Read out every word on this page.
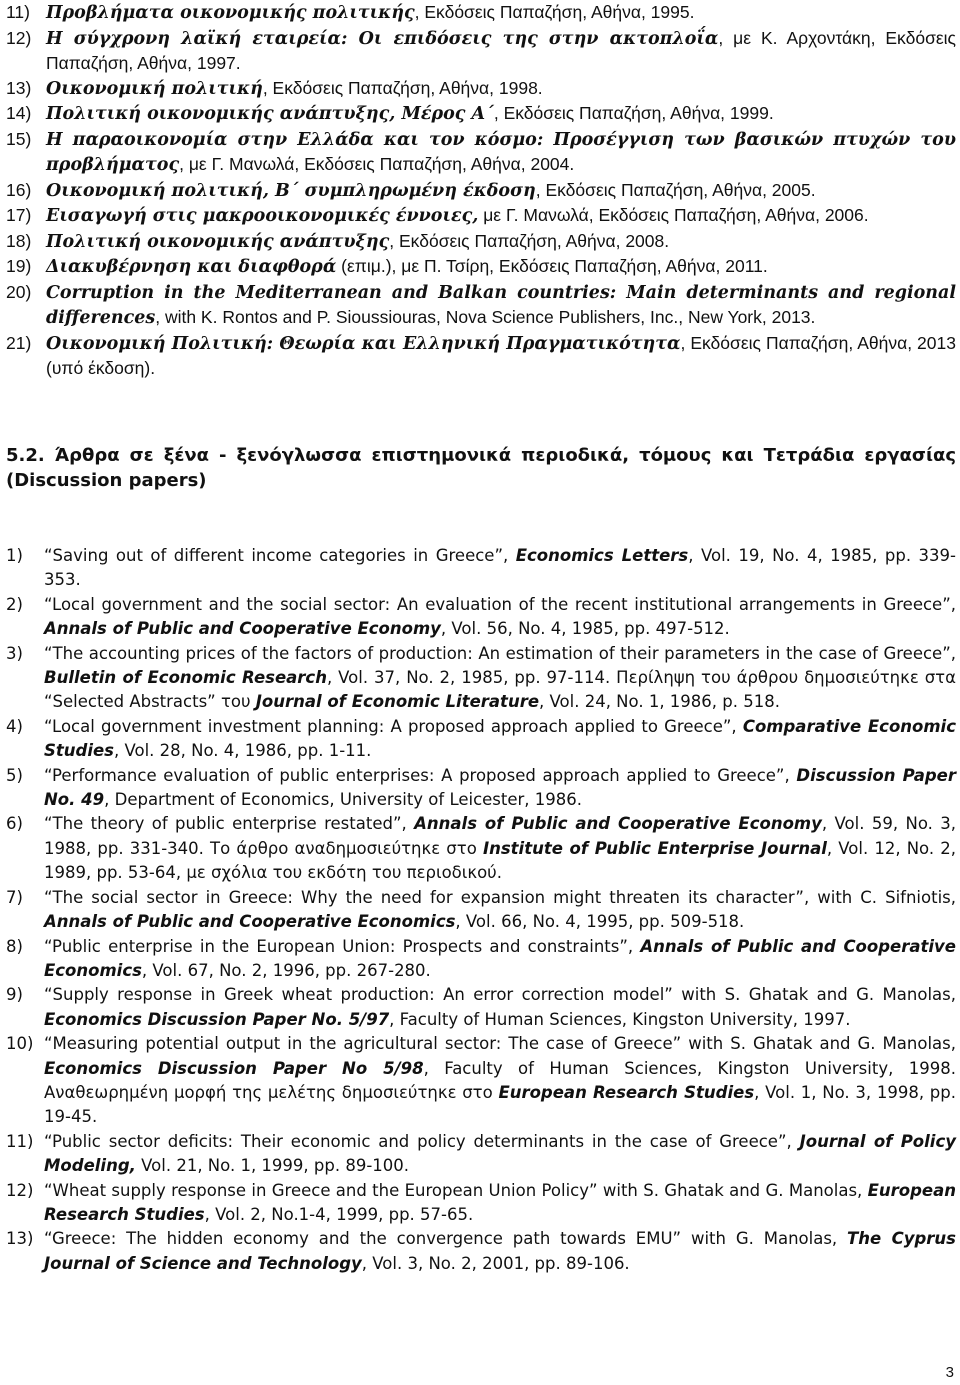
11) Προβλήματα οικονομικής πολιτικής, Εκδόσεις Παπαζήση, Αθήνα, 1995.
12) Η σύγχρονη λαϊκή εταιρεία: Οι επιδόσεις της στην ακτοπλοΐα, με Κ. Αρχοντάκη, Εκδόσεις Παπαζήση, Αθήνα, 1997.
13) Οικονομική πολιτική, Εκδόσεις Παπαζήση, Αθήνα, 1998.
14) Πολιτική οικονομικής ανάπτυξης, Μέρος Α΄, Εκδόσεις Παπαζήση, Αθήνα, 1999.
15) Η παραοικονομία στην Ελλάδα και τον κόσμο: Προσέγγιση των βασικών πτυχών του προβλήματος, με Γ. Μανωλά, Εκδόσεις Παπαζήση, Αθήνα, 2004.
16) Οικονομική πολιτική, Β΄ συμπληρωμένη έκδοση, Εκδόσεις Παπαζήση, Αθήνα, 2005.
17) Εισαγωγή στις μακροοικονομικές έννοιες, με Γ. Μανωλά, Εκδόσεις Παπαζήση, Αθήνα, 2006.
18) Πολιτική οικονομικής ανάπτυξης, Εκδόσεις Παπαζήση, Αθήνα, 2008.
19) Διακυβέρνηση και διαφθορά (επιμ.), με Π. Τσίρη, Εκδόσεις Παπαζήση, Αθήνα, 2011.
20) Corruption in the Mediterranean and Balkan countries: Main determinants and regional differences, with K. Rontos and P. Sioussiouras, Nova Science Publishers, Inc., New York, 2013.
21) Οικονομική Πολιτική: Θεωρία και Ελληνική Πραγματικότητα, Εκδόσεις Παπαζήση, Αθήνα, 2013 (υπό έκδοση).
5.2. Άρθρα σε ξένα - ξενόγλωσσα επιστημονικά περιοδικά, τόμους και Τετράδια εργασίας (Discussion papers)
1) “Saving out of different income categories in Greece”, Economics Letters, Vol. 19, No. 4, 1985, pp. 339-353.
2) “Local government and the social sector: An evaluation of the recent institutional arrangements in Greece”, Annals of Public and Cooperative Economy, Vol. 56, No. 4, 1985, pp. 497-512.
3) “The accounting prices of the factors of production: An estimation of their parameters in the case of Greece”, Bulletin of Economic Research, Vol. 37, No. 2, 1985, pp. 97-114. Περίληψη του άρθρου δημοσιεύτηκε στα “Selected Abstracts” του Journal of Economic Literature, Vol. 24, No. 1, 1986, p. 518.
4) “Local government investment planning: A proposed approach applied to Greece”, Comparative Economic Studies, Vol. 28, No. 4, 1986, pp. 1-11.
5) “Performance evaluation of public enterprises: A proposed approach applied to Greece”, Discussion Paper No. 49, Department of Economics, University of Leicester, 1986.
6) “The theory of public enterprise restated”, Annals of Public and Cooperative Economy, Vol. 59, No. 3, 1988, pp. 331-340. Το άρθρο αναδημοσιεύτηκε στο Institute of Public Enterprise Journal, Vol. 12, No. 2, 1989, pp. 53-64, με σχόλια του εκδότη του περιοδικού.
7) “The social sector in Greece: Why the need for expansion might threaten its character”, with C. Sifniotis, Annals of Public and Cooperative Economics, Vol. 66, No. 4, 1995, pp. 509-518.
8) “Public enterprise in the European Union: Prospects and constraints”, Annals of Public and Cooperative Economics, Vol. 67, No. 2, 1996, pp. 267-280.
9) “Supply response in Greek wheat production: An error correction model” with S. Ghatak and G. Manolas, Economics Discussion Paper No. 5/97, Faculty of Human Sciences, Kingston University, 1997.
10) “Measuring potential output in the agricultural sector: The case of Greece” with S. Ghatak and G. Manolas, Economics Discussion Paper No 5/98, Faculty of Human Sciences, Kingston University, 1998. Αναθεωρημένη μορφή της μελέτης δημοσιεύτηκε στο European Research Studies, Vol. 1, No. 3, 1998, pp. 19-45.
11) “Public sector deficits: Their economic and policy determinants in the case of Greece”, Journal of Policy Modeling, Vol. 21, No. 1, 1999, pp. 89-100.
12) “Wheat supply response in Greece and the European Union Policy” with S. Ghatak and G. Manolas, European Research Studies, Vol. 2, No.1-4, 1999, pp. 57-65.
13) “Greece: The hidden economy and the convergence path towards EMU” with G. Manolas, The Cyprus Journal of Science and Technology, Vol. 3, No. 2, 2001, pp. 89-106.
3
